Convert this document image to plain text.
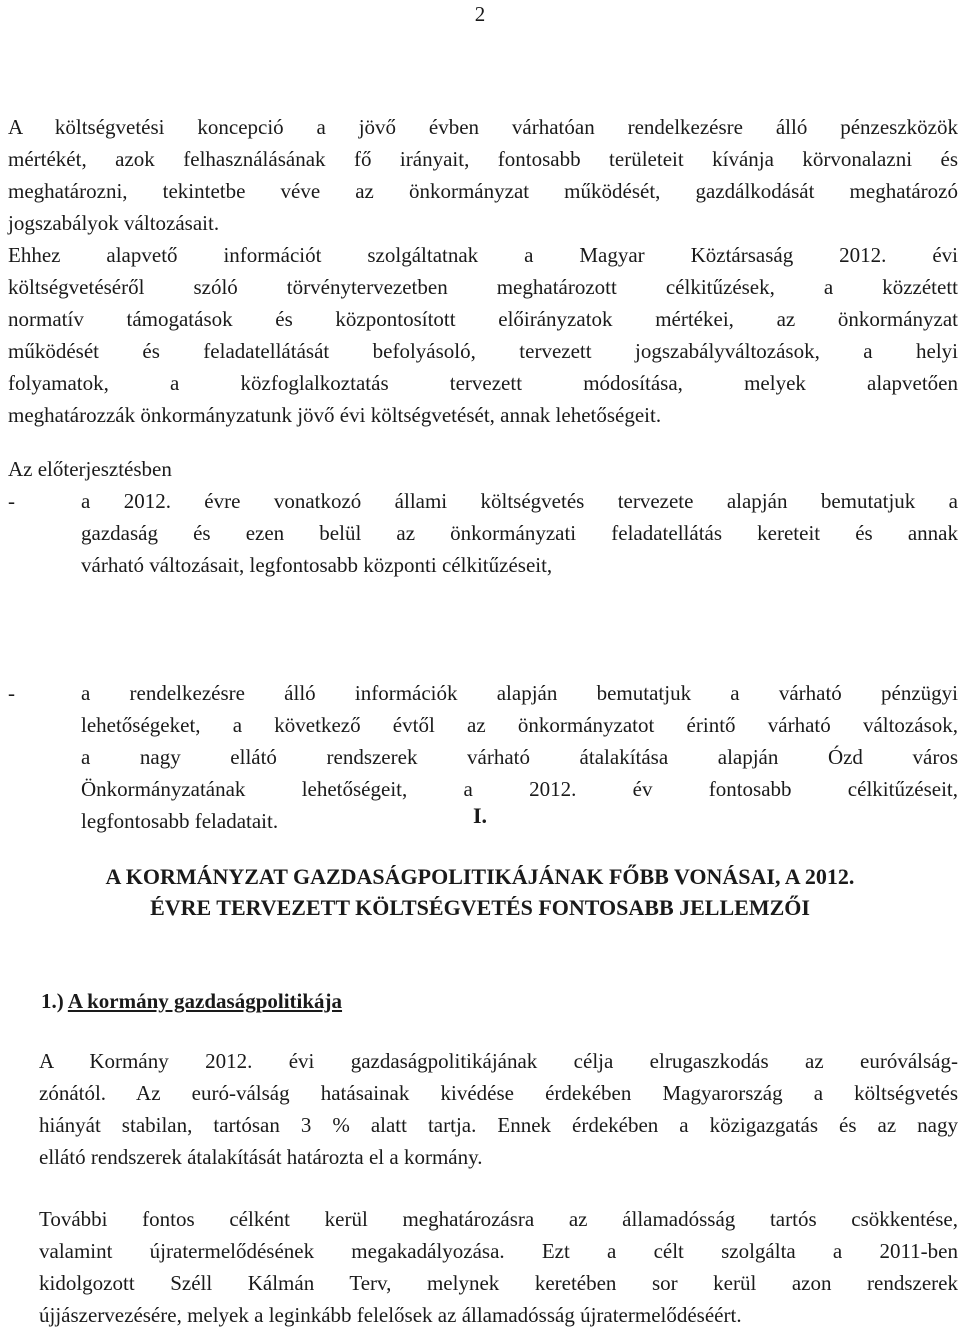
2
A költségvetési koncepció a jövő évben várhatóan rendelkezésre álló pénzeszközök
mértékét, azok felhasználásának fő irányait, fontosabb területeit kívánja körvonalazni és
meghatározni, tekintetbe véve az önkormányzat működését, gazdálkodását meghatározó
jogszabályok változásait.
Ehhez alapvető információt szolgáltatnak a Magyar Köztársaság 2012. évi
költségvetéséről szóló törvénytervezetben meghatározott célkitűzések, a közzétett
normatív támogatások és központosított előirányzatok mértékei, az önkormányzat
működését és feladatellátását befolyásoló, tervezett jogszabályváltozások, a helyi
folyamatok, a közfoglalkoztatás tervezett módosítása, melyek alapvetően
meghatározzák önkormányzatunk jövő évi költségvetését, annak lehetőségeit.
Az előterjesztésben
-	a 2012. évre vonatkozó állami költségvetés tervezete alapján bemutatjuk a
gazdaság és ezen belül az önkormányzati feladatellátás kereteit és annak
várható változásait, legfontosabb központi célkitűzéseit,
-	a rendelkezésre álló információk alapján bemutatjuk a várható pénzügyi
lehetőségeket, a következő évtől az önkormányzatot érintő várható változások,
a nagy ellátó rendszerek várható átalakítása alapján Ózd város
Önkormányzatának lehetőségeit, a 2012. év fontosabb célkitűzéseit,
legfontosabb feladatait.	I.
A KORMÁNYZAT GAZDASÁGPOLITIKÁJÁNAK FŐBB VONÁSAI, A 2012.
ÉVRE TERVEZETT KÖLTSÉGVETÉS FONTOSABB JELLEMZŐI
1.) A kormány gazdaságpolitikája
A Kormány 2012. évi gazdaságpolitikájának célja elrugaszkodás az euróválság-
zónától. Az euró-válság hatásainak kivédése érdekében Magyarország a költségvetés
hiányát stabilan, tartósan 3 % alatt tartja. Ennek érdekében a közigazgatás és az nagy
ellátó rendszerek átalakítását határozta el a kormány.
További fontos célként kerül meghatározásra az államadósság tartós csökkentése,
valamint újratermelődésének megakadályozása. Ezt a célt szolgálta a 2011-ben
kidolgozott Széll Kálmán Terv, melynek keretében sor kerül azon rendszerek
újjászervezésére, melyek a leginkább felelősek az államadósság újratermelődéséért.
